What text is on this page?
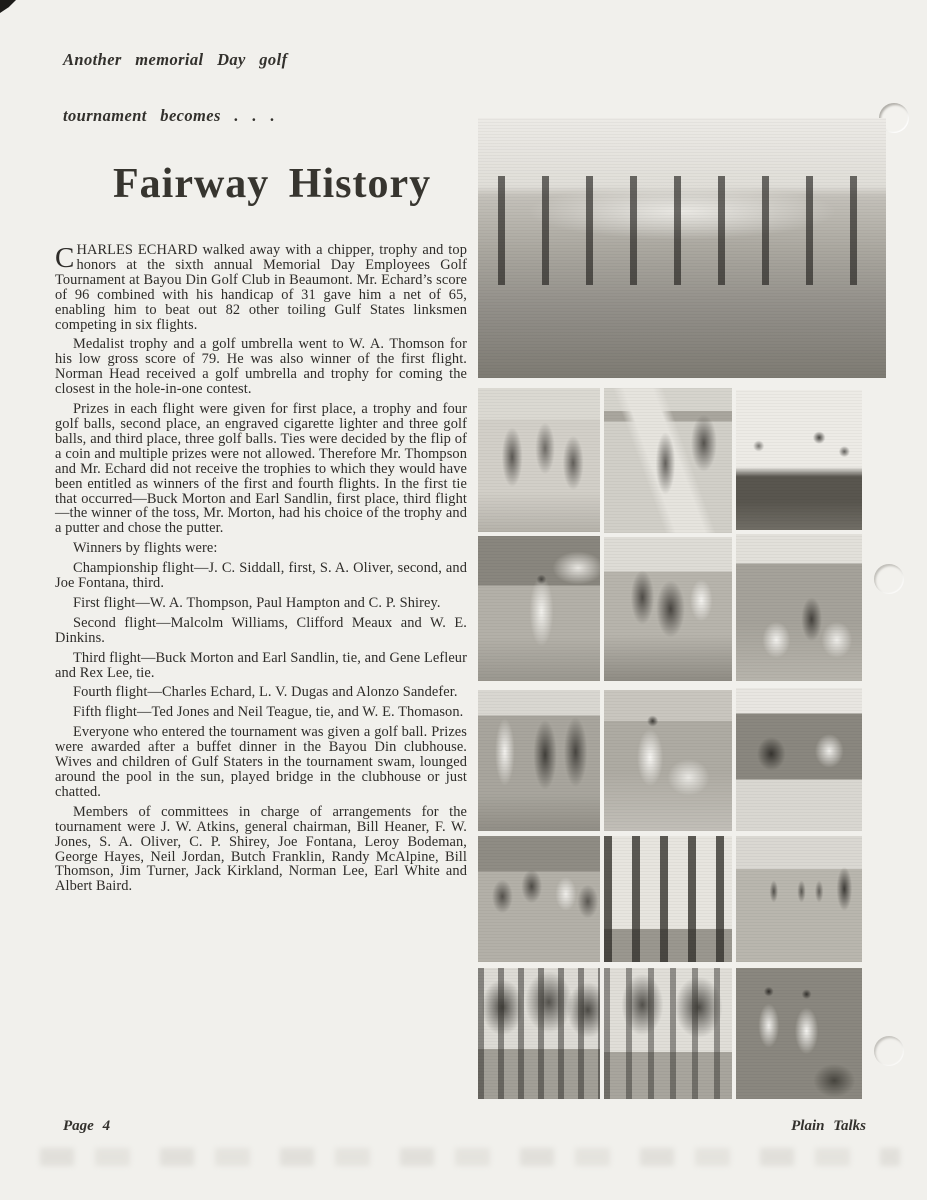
Another memorial Day golf
tournament becomes . . .
Fairway History

CHARLES ECHARD walked away with a chipper, trophy and top honors at the sixth annual Memorial Day Employees Golf Tournament at Bayou Din Golf Club in Beaumont. Mr. Echard’s score of 96 combined with his handicap of 31 gave him a net of 65, enabling him to beat out 82 other toiling Gulf States linksmen competing in six flights.

Medalist trophy and a golf umbrella went to W. A. Thomson for his low gross score of 79. He was also winner of the first flight. Norman Head received a golf umbrella and trophy for coming the closest in the hole-in-one contest.

Prizes in each flight were given for first place, a trophy and four golf balls, second place, an engraved cigarette lighter and three golf balls, and third place, three golf balls. Ties were decided by the flip of a coin and multiple prizes were not allowed. Therefore Mr. Thompson and Mr. Echard did not receive the trophies to which they would have been entitled as winners of the first and fourth flights. In the first tie that occurred—Buck Morton and Earl Sandlin, first place, third flight—the winner of the toss, Mr. Morton, had his choice of the trophy and a putter and chose the putter.

Winners by flights were:

Championship flight—J. C. Siddall, first, S. A. Oliver, second, and Joe Fontana, third.

First flight—W. A. Thompson, Paul Hampton and C. P. Shirey.

Second flight—Malcolm Williams, Clifford Meaux and W. E. Dinkins.

Third flight—Buck Morton and Earl Sandlin, tie, and Gene Lefleur and Rex Lee, tie.

Fourth flight—Charles Echard, L. V. Dugas and Alonzo Sandefer.

Fifth flight—Ted Jones and Neil Teague, tie, and W. E. Thomason.

Everyone who entered the tournament was given a golf ball. Prizes were awarded after a buffet dinner in the Bayou Din clubhouse. Wives and children of Gulf Staters in the tournament swam, lounged around the pool in the sun, played bridge in the clubhouse or just chatted.

Members of committees in charge of arrangements for the tournament were J. W. Atkins, general chairman, Bill Heaner, F. W. Jones, S. A. Oliver, C. P. Shirey, Joe Fontana, Leroy Bodeman, George Hayes, Neil Jordan, Butch Franklin, Randy McAlpine, Bill Thomson, Jim Turner, Jack Kirkland, Norman Lee, Earl White and Albert Baird.

Page 4	Plain Talks
